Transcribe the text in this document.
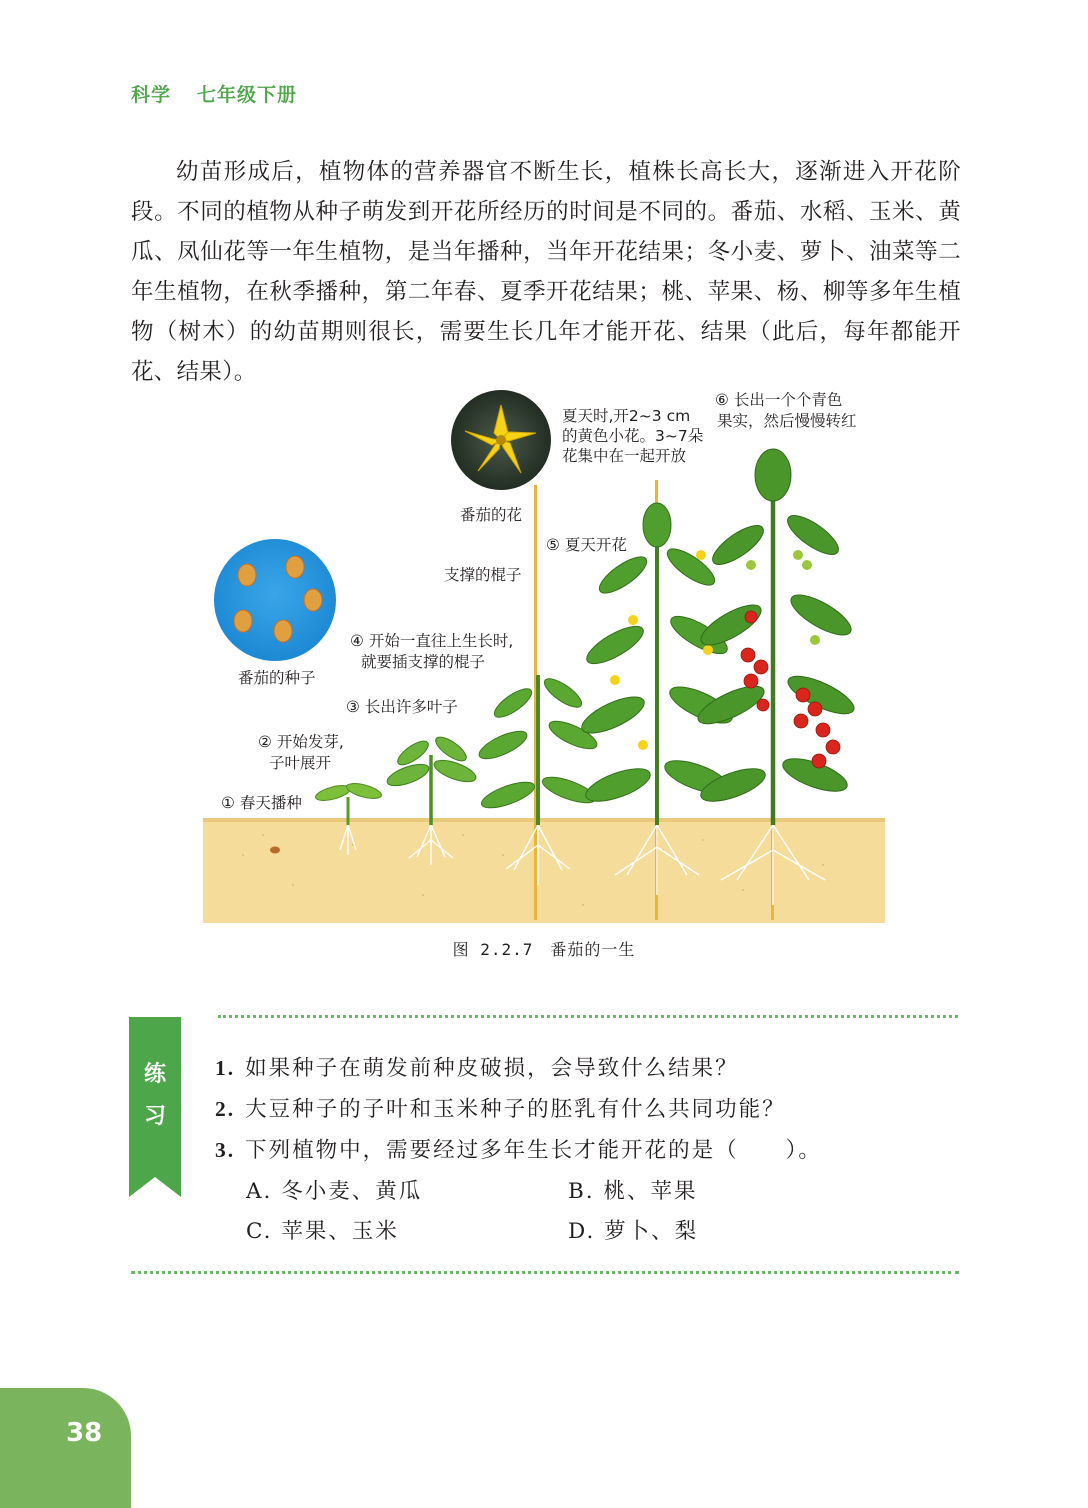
科学 七年级下册
幼苗形成后，植物体的营养器官不断生长，植株长高长大，逐渐进入开花阶段。不同的植物从种子萌发到开花所经历的时间是不同的。番茄、水稻、玉米、黄瓜、凤仙花等一年生植物，是当年播种，当年开花结果；冬小麦、萝卜、油菜等二年生植物，在秋季播种，第二年春、夏季开花结果；桃、苹果、杨、柳等多年生植物（树木）的幼苗期则很长，需要生长几年才能开花、结果（此后，每年都能开花、结果）。
夏天时,开2~3 cm
的黄色小花。3~7朵
花集中在一起开放
⑥ 长出一个个青色
果实，然后慢慢转红
番茄的花
⑤ 夏天开花
支撑的棍子
④ 开始一直往上生长时,
就要插支撑的棍子
番茄的种子
③ 长出许多叶子
② 开始发芽,
子叶展开
① 春天播种
图 2.2.7　番茄的一生
练
习
1. 如果种子在萌发前种皮破损，会导致什么结果？
2. 大豆种子的子叶和玉米种子的胚乳有什么共同功能？
3. 下列植物中，需要经过多年生长才能开花的是（　　）。
A. 冬小麦、黄瓜	B. 桃、苹果
C. 苹果、玉米	D. 萝卜、梨
38
